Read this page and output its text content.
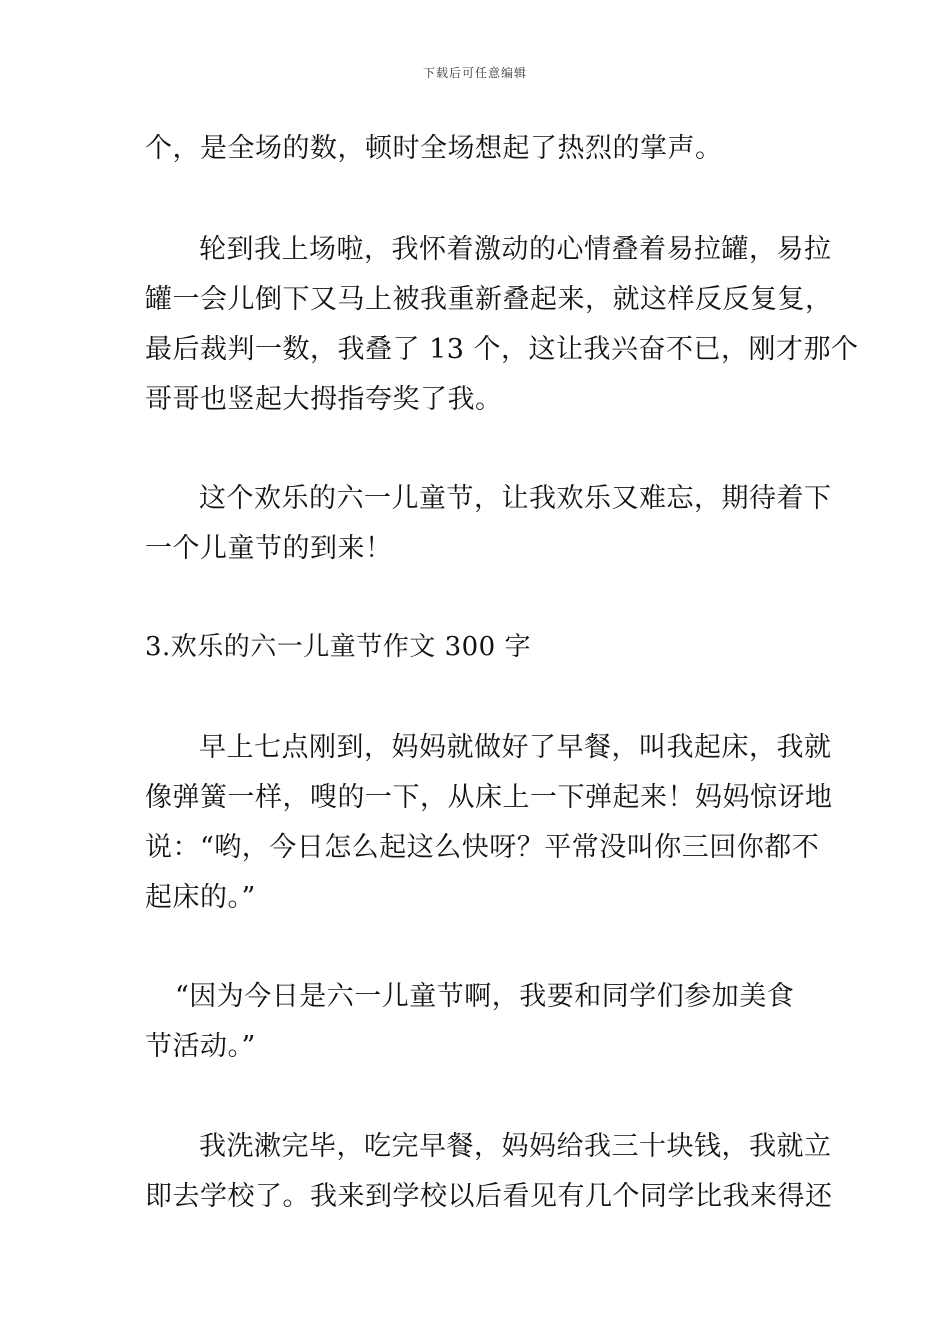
下载后可任意编辑

个，是全场的数，顿时全场想起了热烈的掌声。

轮到我上场啦，我怀着激动的心情叠着易拉罐，易拉
罐一会儿倒下又马上被我重新叠起来，就这样反反复复，
最后裁判一数，我叠了 13 个，这让我兴奋不已，刚才那个
哥哥也竖起大拇指夸奖了我。

这个欢乐的六一儿童节，让我欢乐又难忘，期待着下
一个儿童节的到来！

3.欢乐的六一儿童节作文 300 字

早上七点刚到，妈妈就做好了早餐，叫我起床，我就
像弹簧一样，嗖的一下，从床上一下弹起来！妈妈惊讶地
说：“哟，今日怎么起这么快呀？平常没叫你三回你都不
起床的。”

“因为今日是六一儿童节啊，我要和同学们参加美食
节活动。”

我洗漱完毕，吃完早餐，妈妈给我三十块钱，我就立
即去学校了。我来到学校以后看见有几个同学比我来得还
